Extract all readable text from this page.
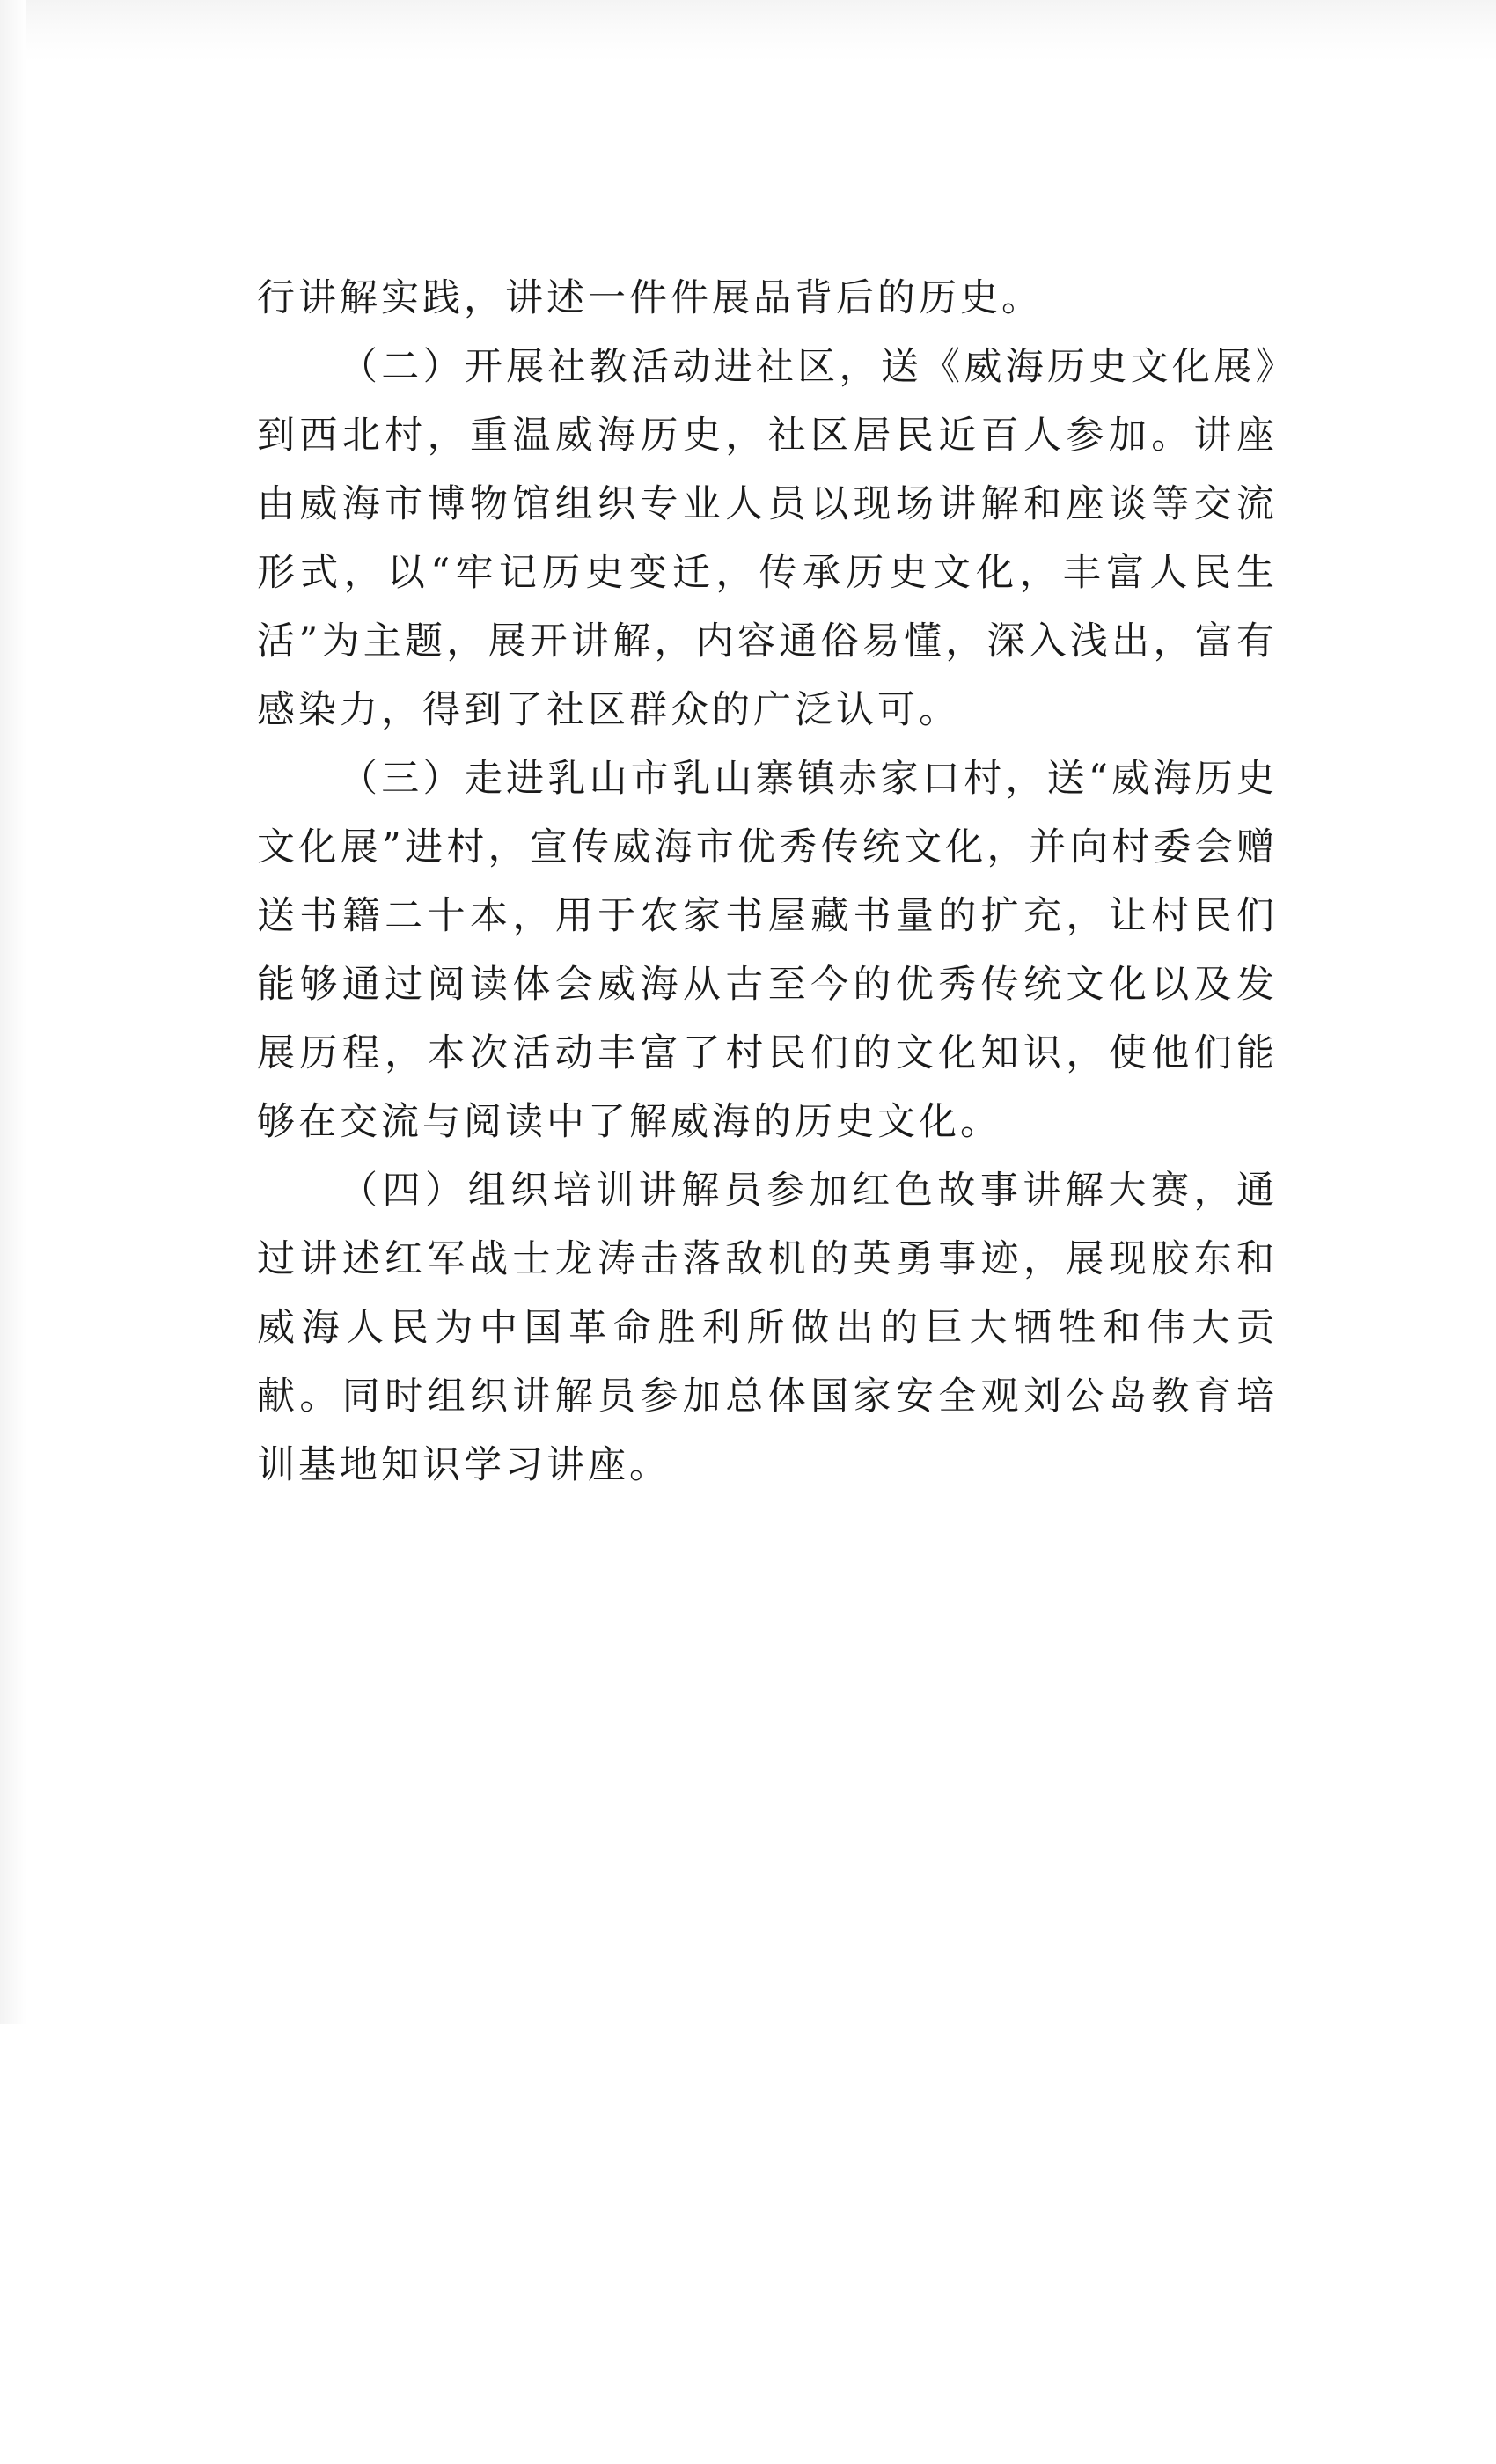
行讲解实践，讲述一件件展品背后的历史。

（二）开展社教活动进社区，送《威海历史文化展》到西北村，重温威海历史，社区居民近百人参加。讲座由威海市博物馆组织专业人员以现场讲解和座谈等交流形式，以“牢记历史变迁，传承历史文化，丰富人民生活”为主题，展开讲解，内容通俗易懂，深入浅出，富有感染力，得到了社区群众的广泛认可。

（三）走进乳山市乳山寨镇赤家口村，送“威海历史文化展”进村，宣传威海市优秀传统文化，并向村委会赠送书籍二十本，用于农家书屋藏书量的扩充，让村民们能够通过阅读体会威海从古至今的优秀传统文化以及发展历程，本次活动丰富了村民们的文化知识，使他们能够在交流与阅读中了解威海的历史文化。

（四）组织培训讲解员参加红色故事讲解大赛，通过讲述红军战士龙涛击落敌机的英勇事迹，展现胶东和威海人民为中国革命胜利所做出的巨大牺牲和伟大贡献。同时组织讲解员参加总体国家安全观刘公岛教育培训基地知识学习讲座。
